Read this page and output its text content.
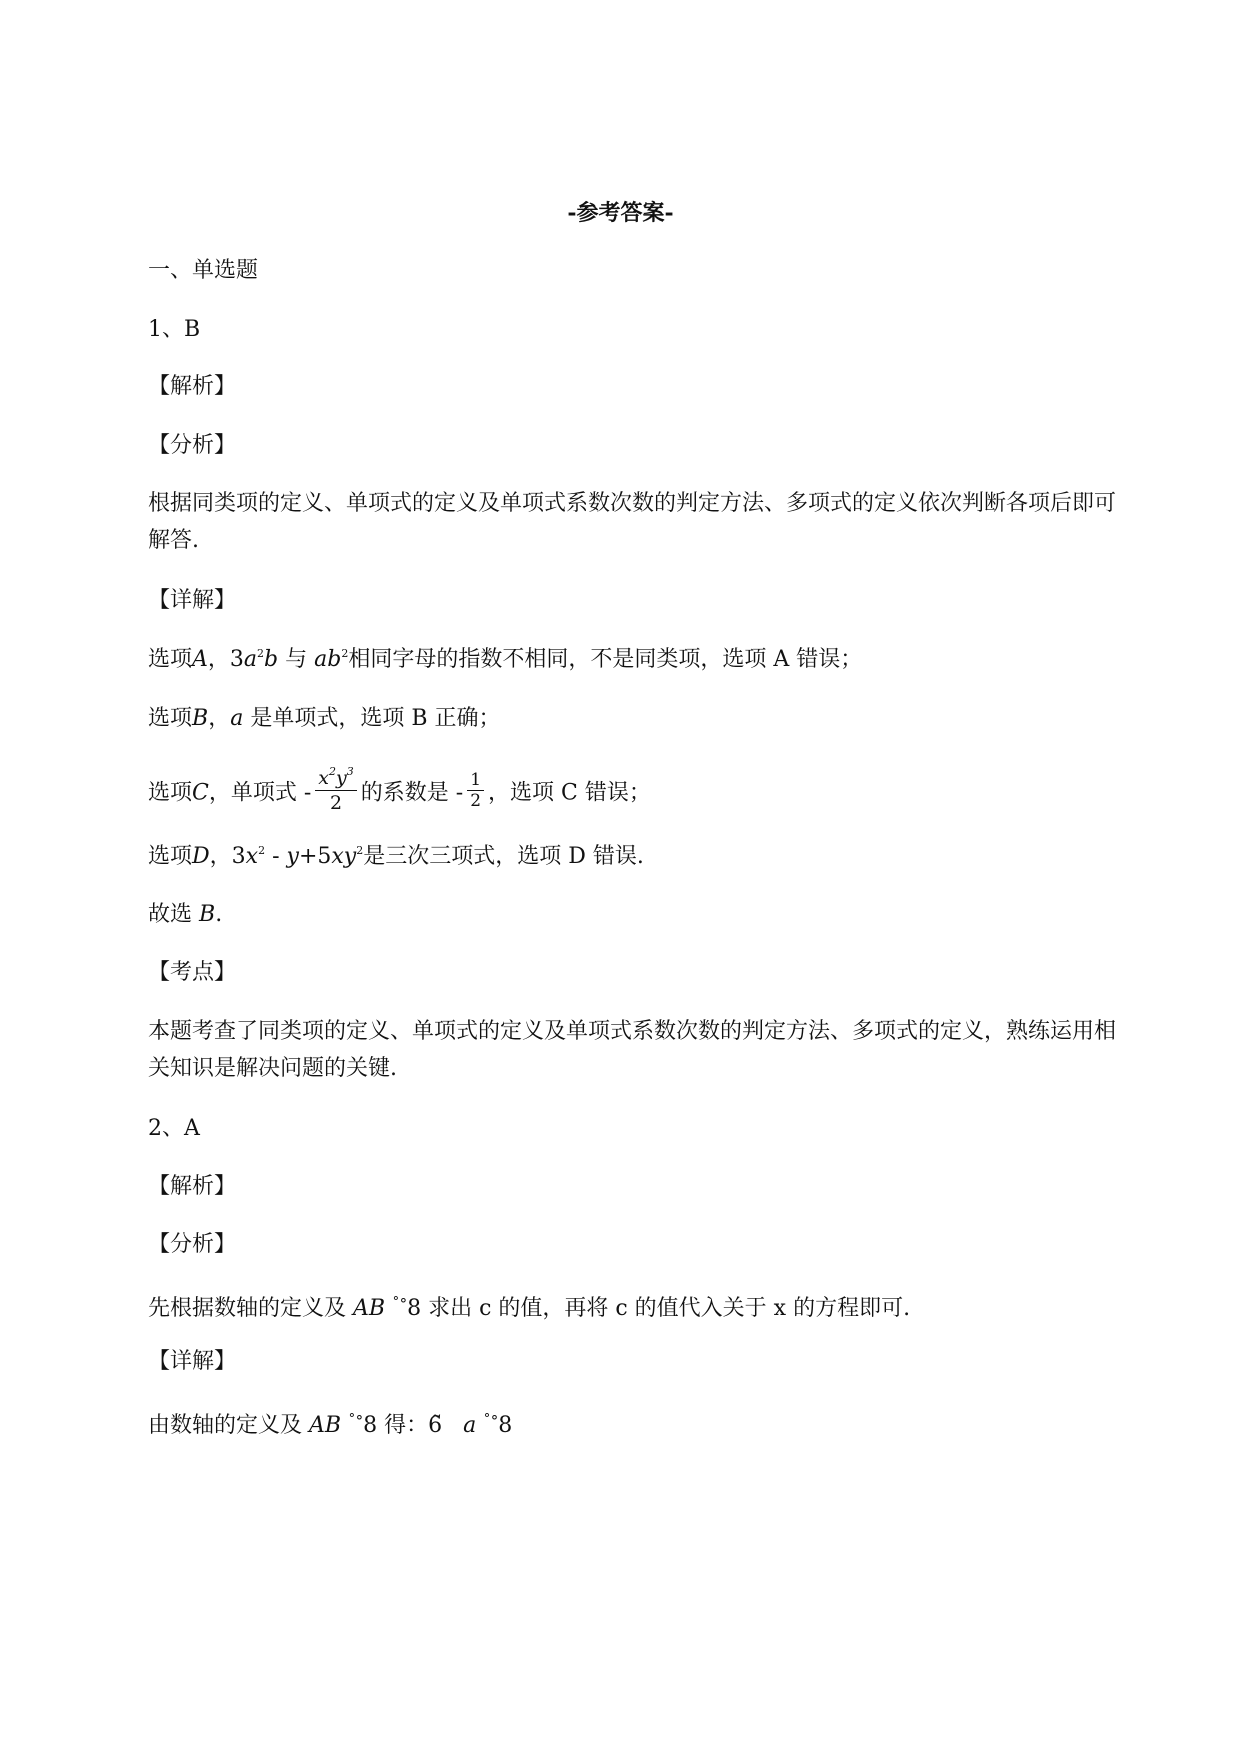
-参考答案-
一、单选题
1、B
【解析】
【分析】
根据同类项的定义、单项式的定义及单项式系数次数的判定方法、多项式的定义依次判断各项后即可
解答.
【详解】
选项A，$3a^2b$ 与 $ab^2$相同字母的指数不相同，不是同类项，选项 A 错误；
选项B，a 是单项式，选项 B 正确；
选项C，单项式 - $\frac{x^2y^3}{2}$ 的系数是 - $\frac{1}{2}$ ，选项 C 错误；
选项D，$3x^2 - y+5xy^2$是三次三项式，选项 D 错误.
故选 B.
【考点】
本题考查了同类项的定义、单项式的定义及单项式系数次数的判定方法、多项式的定义，熟练运用相
关知识是解决问题的关键.
2、A
【解析】
【分析】
先根据数轴的定义及 AB ˚°8 求出 c 的值，再将 c 的值代入关于 x 的方程即可.
【详解】
由数轴的定义及 AB ˚°8 得：6̃ a ˚°8
